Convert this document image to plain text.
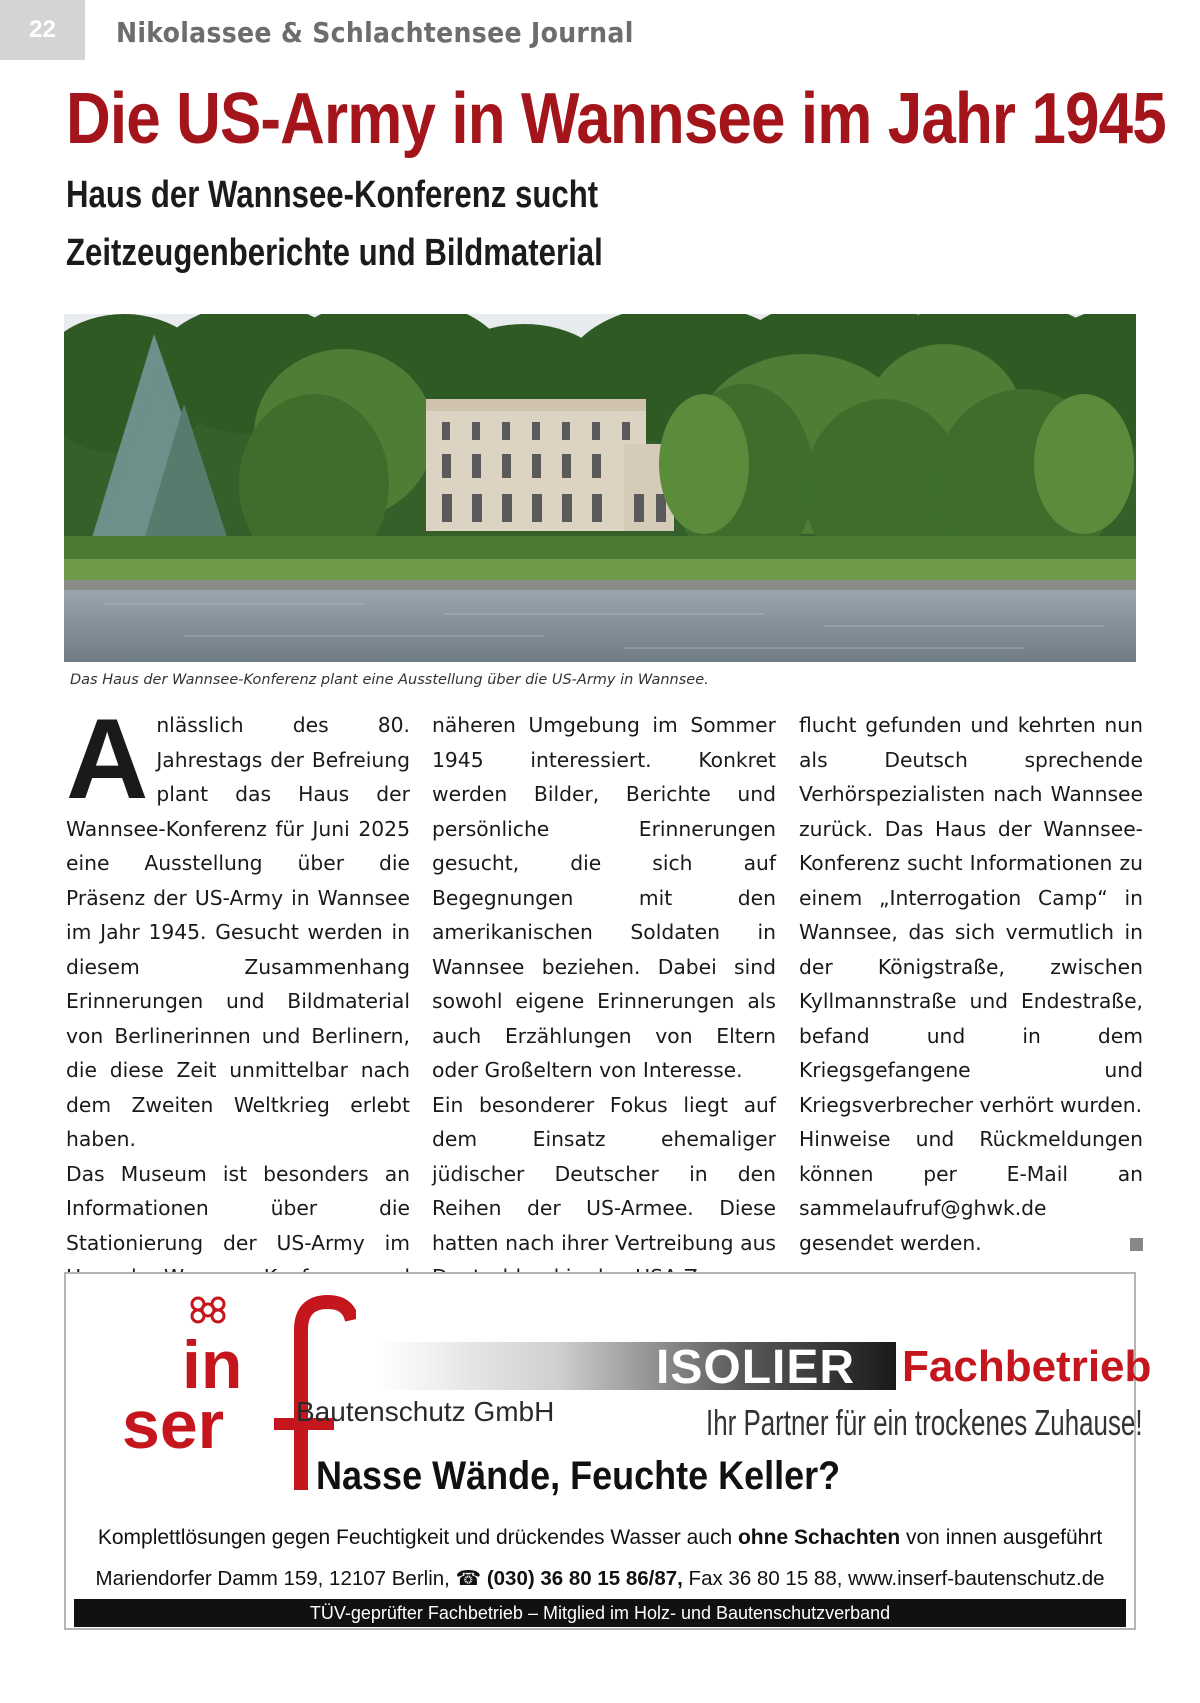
22	Nikolassee & Schlachtensee Journal
Die US-Army in Wannsee im Jahr 1945
Haus der Wannsee-Konferenz sucht
Zeitzeugenberichte und Bildmaterial
Das Haus der Wannsee-Konferenz plant eine Ausstellung über die US-Army in Wannsee.
A nlässlich des 80. Jahrestags der Befreiung plant das Haus der Wannsee-Konferenz für Juni 2025 eine Ausstellung über die Präsenz der US-Army in Wannsee im Jahr 1945. Gesucht werden in diesem Zusammenhang Erinnerungen und Bildmaterial von Berlinerinnen und Berlinern, die diese Zeit unmittelbar nach dem Zweiten Weltkrieg erlebt haben.

Das Museum ist besonders an Informationen über die Stationierung der US-Army im

näheren Umgebung im Sommer 1945 interessiert. Konkret werden Bilder, Berichte und persönliche Erinnerungen gesucht, die sich auf Begegnungen mit den amerikanischen Soldaten in Wannsee beziehen. Dabei sind sowohl eigene Erinnerungen als auch Erzählungen von Eltern oder Großeltern von Interesse.

Ein besonderer Fokus liegt auf dem Einsatz ehemaliger jüdischer Deutscher in den Reihen der US-Armee. Diese hatten nach ihrer Vertreibung aus

flucht gefunden und kehrten nun als Deutsch sprechende Verhörspezialisten nach Wannsee zurück. Das Haus der Wannsee-Konferenz sucht Informationen zu einem „Interrogation Camp“ in Wannsee, das sich vermutlich in der Königstraße, zwischen Kyllmannstraße und Endestraße, befand und in dem Kriegsgefangene und Kriegsverbrecher verhört wurden.

Hinweise und Rückmeldungen können per E-Mail an sammelaufruf@ghwk.de gesendet werden.

in
ser
ISOLIER Fachbetrieb
Bautenschutz GmbH	Ihr Partner für ein trockenes Zuhause!
Nasse Wände, Feuchte Keller?
Komplettlösungen gegen Feuchtigkeit und drückendes Wasser auch ohne Schachten von innen ausgeführt
Mariendorfer Damm 159, 12107 Berlin, ☎ (030) 36 80 15 86/87, Fax 36 80 15 88, www.inserf-bautenschutz.de
TÜV-geprüfter Fachbetrieb – Mitglied im Holz- und Bautenschutzverband
